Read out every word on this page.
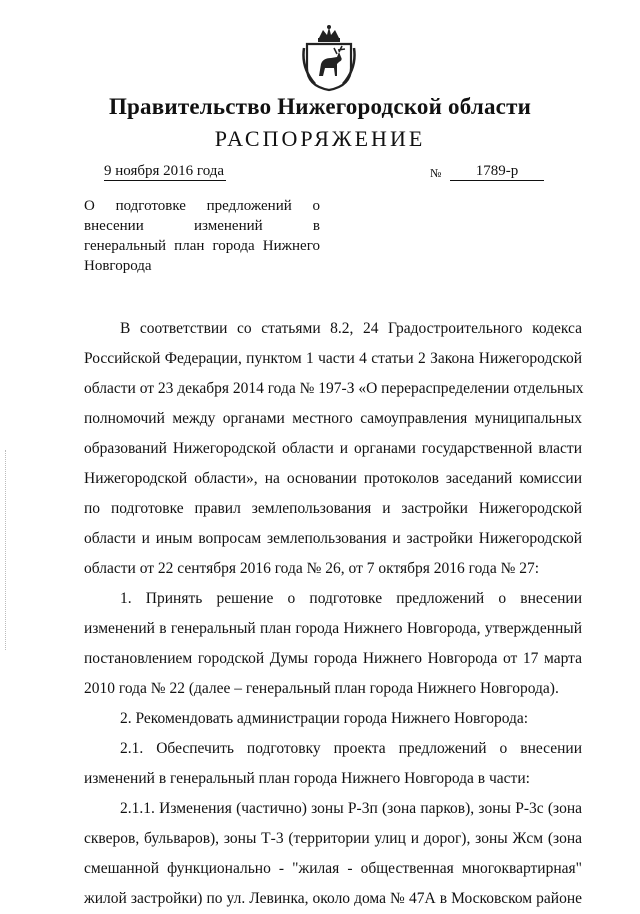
Правительство Нижегородской области
РАСПОРЯЖЕНИЕ
9 ноября 2016 года	№	1789-р
О подготовке предложений о
внесении изменений в
генеральный план города Нижнего
Новгорода
В соответствии со статьями 8.2, 24 Градостроительного кодекса
Российской Федерации, пунктом 1 части 4 статьи 2 Закона Нижегородской
области от 23 декабря 2014 года № 197-З «О перераспределении отдельных
полномочий между органами местного самоуправления муниципальных
образований Нижегородской области и органами государственной власти
Нижегородской области», на основании протоколов заседаний комиссии
по подготовке правил землепользования и застройки Нижегородской
области и иным вопросам землепользования и застройки Нижегородской
области от 22 сентября 2016 года № 26, от 7 октября 2016 года № 27:
1. Принять решение о подготовке предложений о внесении
изменений в генеральный план города Нижнего Новгорода, утвержденный
постановлением городской Думы города Нижнего Новгорода от 17 марта
2010 года № 22 (далее – генеральный план города Нижнего Новгорода).
2. Рекомендовать администрации города Нижнего Новгорода:
2.1. Обеспечить подготовку проекта предложений о внесении
изменений в генеральный план города Нижнего Новгорода в части:
2.1.1. Изменения (частично) зоны Р-3п (зона парков), зоны Р-3с (зона
скверов, бульваров), зоны Т-3 (территории улиц и дорог), зоны Жсм (зона
смешанной функционально - "жилая - общественная многоквартирная"
жилой застройки) по ул. Левинка, около дома № 47А в Московском районе
